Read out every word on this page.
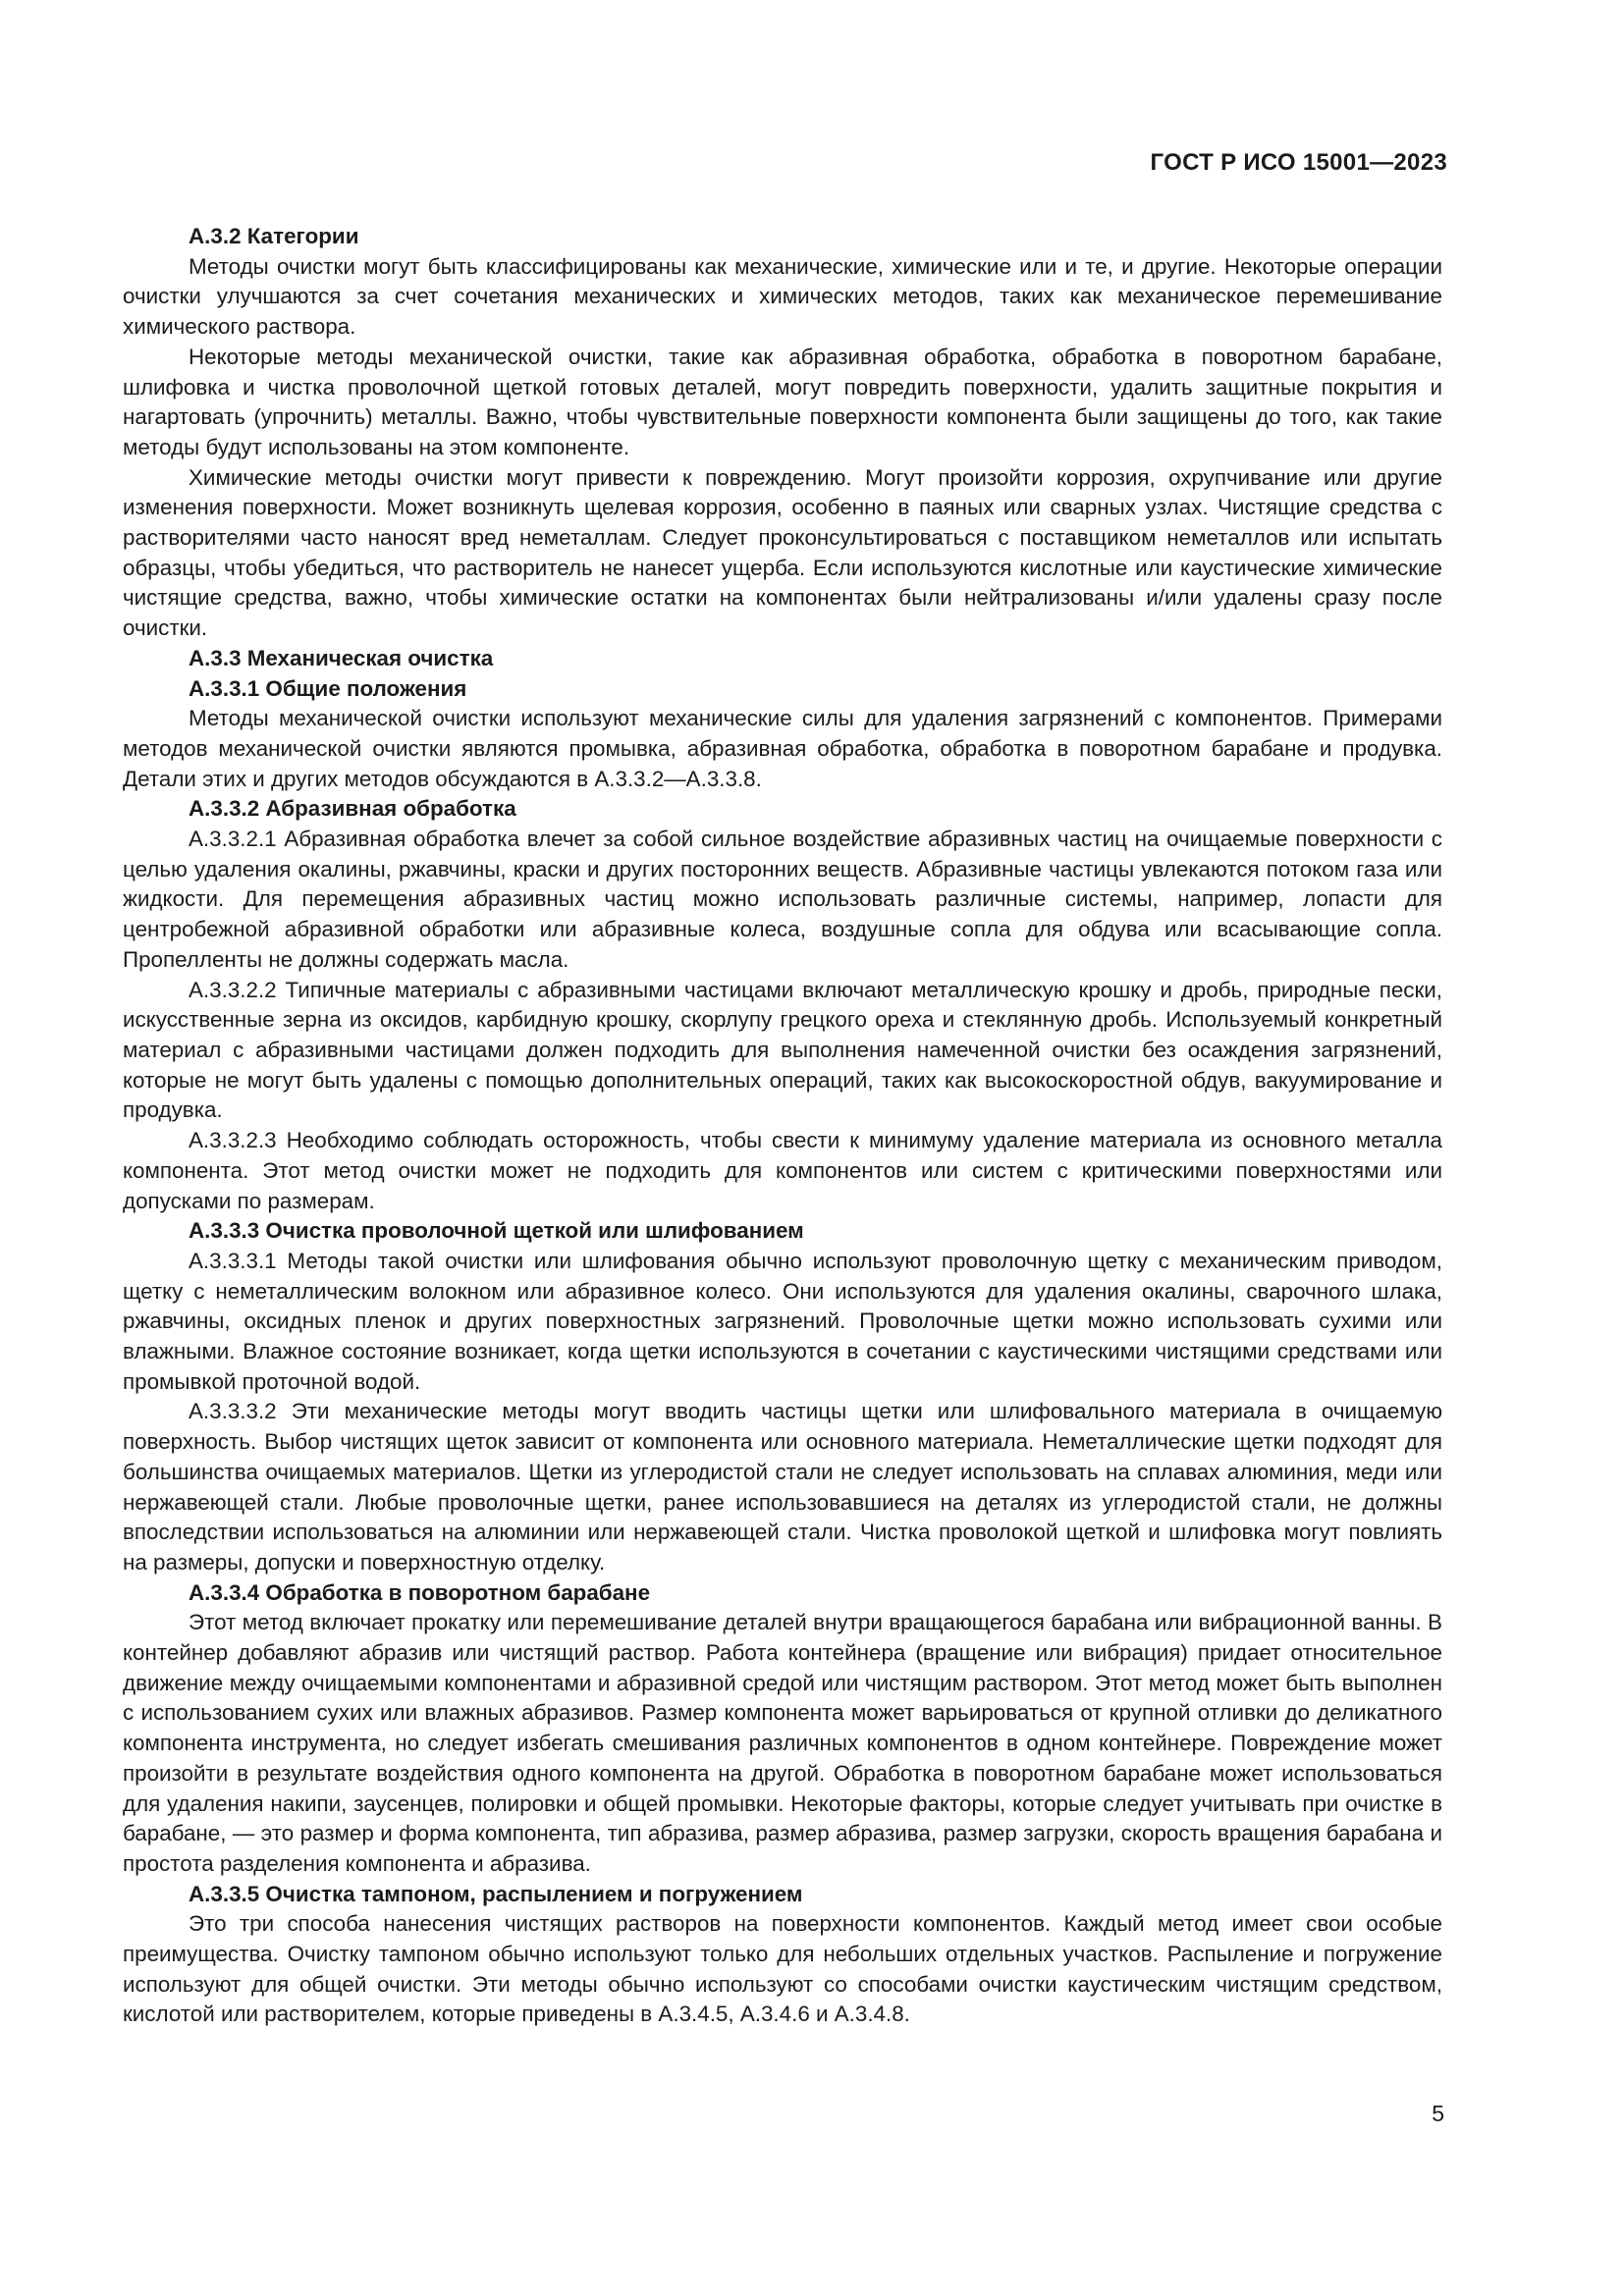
ГОСТ Р ИСО 15001—2023
А.3.2 Категории

Методы очистки могут быть классифицированы как механические, химические или и те, и другие. Некоторые операции очистки улучшаются за счет сочетания механических и химических методов, таких как механическое перемешивание химического раствора.

Некоторые методы механической очистки, такие как абразивная обработка, обработка в поворотном барабане, шлифовка и чистка проволочной щеткой готовых деталей, могут повредить поверхности, удалить защитные покрытия и нагартовать (упрочнить) металлы. Важно, чтобы чувствительные поверхности компонента были защищены до того, как такие методы будут использованы на этом компоненте.

Химические методы очистки могут привести к повреждению. Могут произойти коррозия, охрупчивание или другие изменения поверхности. Может возникнуть щелевая коррозия, особенно в паяных или сварных узлах. Чистящие средства с растворителями часто наносят вред неметаллам. Следует проконсультироваться с поставщиком неметаллов или испытать образцы, чтобы убедиться, что растворитель не нанесет ущерба. Если используются кислотные или каустические химические чистящие средства, важно, чтобы химические остатки на компонентах были нейтрализованы и/или удалены сразу после очистки.

А.3.3 Механическая очистка
А.3.3.1 Общие положения

Методы механической очистки используют механические силы для удаления загрязнений с компонентов. Примерами методов механической очистки являются промывка, абразивная обработка, обработка в поворотном барабане и продувка. Детали этих и других методов обсуждаются в А.3.3.2—А.3.3.8.

А.3.3.2 Абразивная обработка

А.3.3.2.1 Абразивная обработка влечет за собой сильное воздействие абразивных частиц на очищаемые поверхности с целью удаления окалины, ржавчины, краски и других посторонних веществ. Абразивные частицы увлекаются потоком газа или жидкости. Для перемещения абразивных частиц можно использовать различные системы, например, лопасти для центробежной абразивной обработки или абразивные колеса, воздушные сопла для обдува или всасывающие сопла. Пропелленты не должны содержать масла.

А.3.3.2.2 Типичные материалы с абразивными частицами включают металлическую крошку и дробь, природные пески, искусственные зерна из оксидов, карбидную крошку, скорлупу грецкого ореха и стеклянную дробь. Используемый конкретный материал с абразивными частицами должен подходить для выполнения намеченной очистки без осаждения загрязнений, которые не могут быть удалены с помощью дополнительных операций, таких как высокоскоростной обдув, вакуумирование и продувка.

А.3.3.2.3 Необходимо соблюдать осторожность, чтобы свести к минимуму удаление материала из основного металла компонента. Этот метод очистки может не подходить для компонентов или систем с критическими поверхностями или допусками по размерам.

А.3.3.3 Очистка проволочной щеткой или шлифованием

А.3.3.3.1 Методы такой очистки или шлифования обычно используют проволочную щетку с механическим приводом, щетку с неметаллическим волокном или абразивное колесо. Они используются для удаления окалины, сварочного шлака, ржавчины, оксидных пленок и других поверхностных загрязнений. Проволочные щетки можно использовать сухими или влажными. Влажное состояние возникает, когда щетки используются в сочетании с каустическими чистящими средствами или промывкой проточной водой.

А.3.3.3.2 Эти механические методы могут вводить частицы щетки или шлифовального материала в очищаемую поверхность. Выбор чистящих щеток зависит от компонента или основного материала. Неметаллические щетки подходят для большинства очищаемых материалов. Щетки из углеродистой стали не следует использовать на сплавах алюминия, меди или нержавеющей стали. Любые проволочные щетки, ранее использовавшиеся на деталях из углеродистой стали, не должны впоследствии использоваться на алюминии или нержавеющей стали. Чистка проволокой щеткой и шлифовка могут повлиять на размеры, допуски и поверхностную отделку.

А.3.3.4 Обработка в поворотном барабане

Этот метод включает прокатку или перемешивание деталей внутри вращающегося барабана или вибрационной ванны. В контейнер добавляют абразив или чистящий раствор. Работа контейнера (вращение или вибрация) придает относительное движение между очищаемыми компонентами и абразивной средой или чистящим раствором. Этот метод может быть выполнен с использованием сухих или влажных абразивов. Размер компонента может варьироваться от крупной отливки до деликатного компонента инструмента, но следует избегать смешивания различных компонентов в одном контейнере. Повреждение может произойти в результате воздействия одного компонента на другой. Обработка в поворотном барабане может использоваться для удаления накипи, заусенцев, полировки и общей промывки. Некоторые факторы, которые следует учитывать при очистке в барабане, — это размер и форма компонента, тип абразива, размер абразива, размер загрузки, скорость вращения барабана и простота разделения компонента и абразива.

А.3.3.5 Очистка тампоном, распылением и погружением

Это три способа нанесения чистящих растворов на поверхности компонентов. Каждый метод имеет свои особые преимущества. Очистку тампоном обычно используют только для небольших отдельных участков. Распыление и погружение используют для общей очистки. Эти методы обычно используют со способами очистки каустическим чистящим средством, кислотой или растворителем, которые приведены в А.3.4.5, А.3.4.6 и А.3.4.8.

5
